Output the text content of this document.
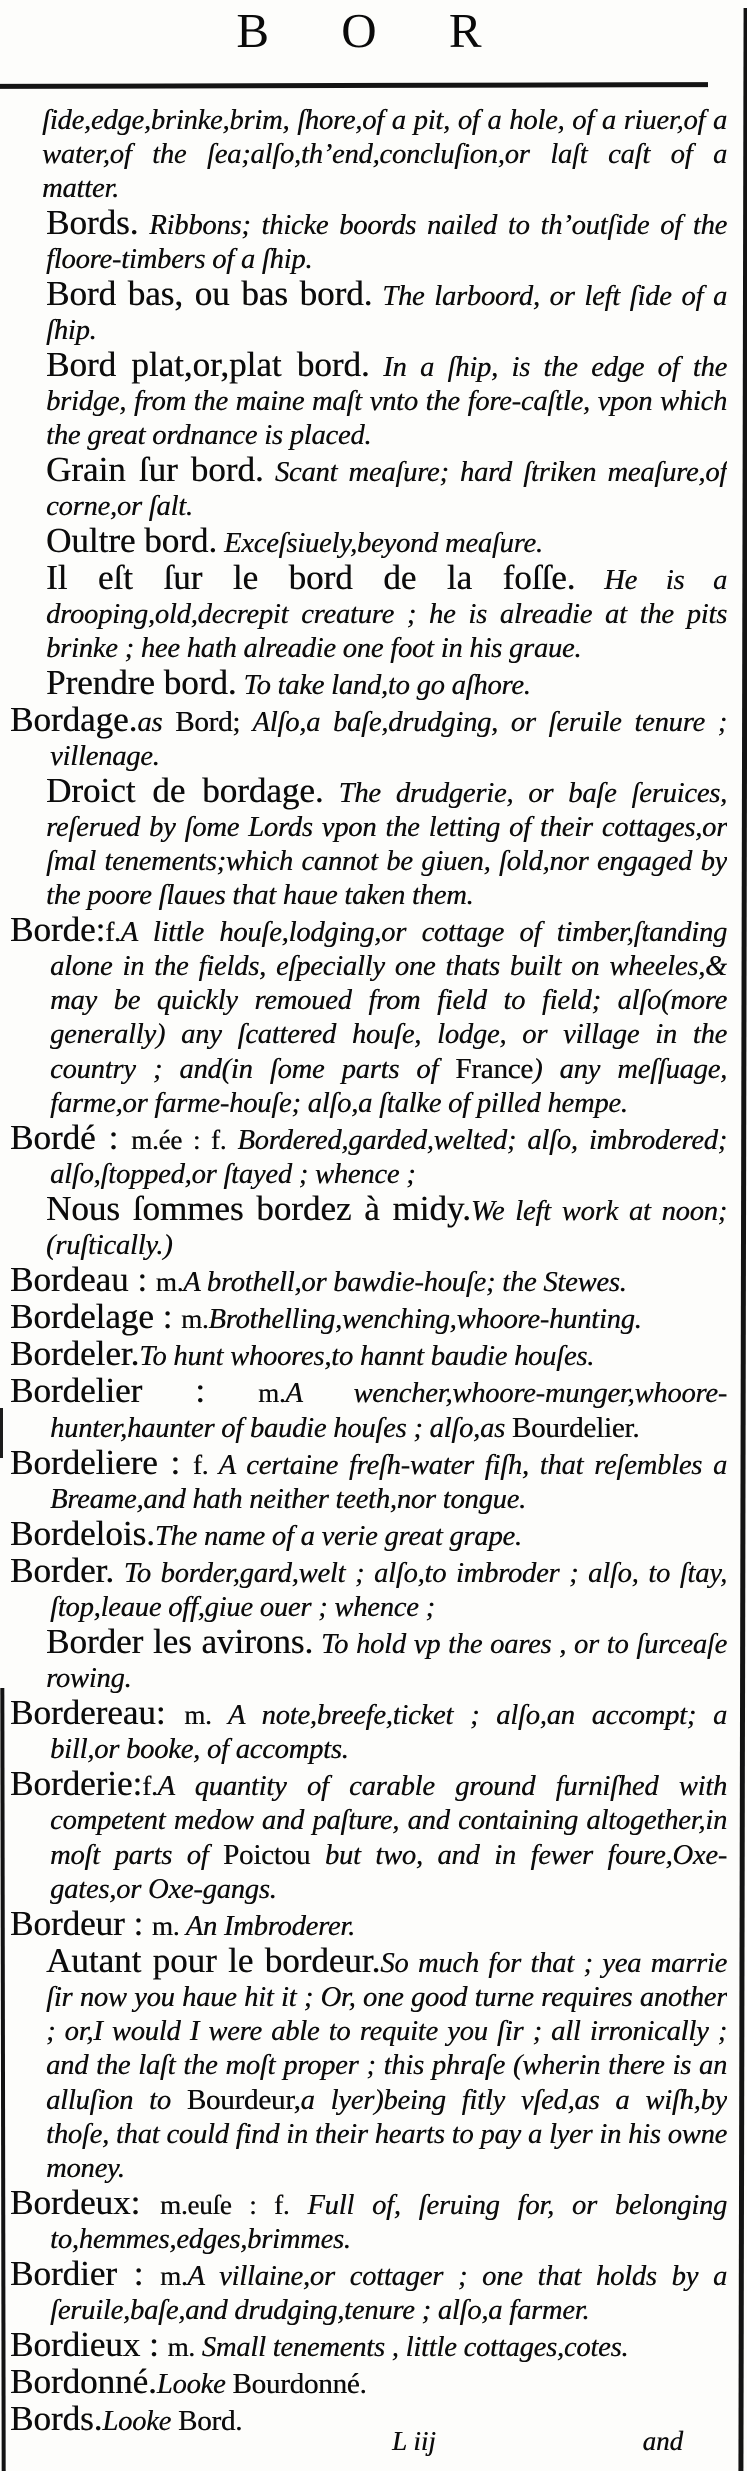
B O R

ſide,edge,brinke,brim, ſhore,of a pit, of a hole, of a riuer,of a water,of the ſea;alſo,th’end,concluſion,or laſt caſt of a matter.

Bords. Ribbons; thicke boords nailed to th’outſide of the floore-timbers of a ſhip.

Bord bas, ou bas bord. The larboord, or left ſide of a ſhip.

Bord plat,or,plat bord. In a ſhip, is the edge of the bridge, from the maine maſt vnto the fore-caſtle, vpon which the great ordnance is placed.

Grain ſur bord. Scant meaſure; hard ſtriken meaſure,of corne,or ſalt.

Oultre bord. Exceſsiuely,beyond meaſure.

Il eſt ſur le bord de la foſſe. He is a drooping,old,decrepit creature ; he is alreadie at the pits brinke ; hee hath alreadie one foot in his graue.

Prendre bord. To take land,to go aſhore.

Bordage.as Bord; Alſo,a baſe,drudging, or ſeruile tenure ; villenage.

Droict de bordage. The drudgerie, or baſe ſeruices, reſerued by ſome Lords vpon the letting of their cottages,or ſmal tenements;which cannot be giuen, ſold,nor engaged by the poore ſlaues that haue taken them.

Borde:f.A little houſe,lodging,or cottage of timber,ſtanding alone in the fields, eſpecially one thats built on wheeles,& may be quickly remoued from field to field; alſo(more generally) any ſcattered houſe, lodge, or village in the country ; and(in ſome parts of France) any meſſuage, farme,or farme-houſe; alſo,a ſtalke of pilled hempe.

Bordé : m.ée : f. Bordered,garded,welted; alſo, imbrodered; alſo,ſtopped,or ſtayed ; whence ;

Nous ſommes bordez à midy.We left work at noon; (ruſtically.)

Bordeau : m.A brothell,or bawdie-houſe; the Stewes.

Bordelage : m.Brothelling,wenching,whoore-hunting.

Bordeler.To hunt whoores,to hannt baudie houſes.

Bordelier : m.A wencher,whoore-munger,whoore-hunter,haunter of baudie houſes ; alſo,as Bourdelier.

Bordeliere : f. A certaine freſh-water fiſh, that reſembles a Breame,and hath neither teeth,nor tongue.

Bordelois.The name of a verie great grape.

Border. To border,gard,welt ; alſo,to imbroder ; alſo, to ſtay, ſtop,leaue off,giue ouer ; whence ;

Border les avirons. To hold vp the oares , or to ſurceaſe rowing.

Bordereau: m. A note,breefe,ticket ; alſo,an accompt; a bill,or booke, of accompts.

Borderie:f.A quantity of carable ground furniſhed with competent medow and paſture, and containing altogether,in moſt parts of Poictou but two, and in fewer foure,Oxe-gates,or Oxe-gangs.

Bordeur : m. An Imbroderer.

Autant pour le bordeur.So much for that ; yea marrie ſir now you haue hit it ; Or, one good turne requires another ; or,I would I were able to requite you ſir ; all irronically ; and the laſt the moſt proper ; this phraſe (wherin there is an alluſion to Bourdeur,a lyer)being fitly vſed,as a wiſh,by thoſe, that could find in their hearts to pay a lyer in his owne money.

Bordeux: m.euſe : f. Full of, ſeruing for, or belonging to,hemmes,edges,brimmes.

Bordier : m.A villaine,or cottager ; one that holds by a ſeruile,baſe,and drudging,tenure ; alſo,a farmer.

Bordieux : m. Small tenements , little cottages,cotes.

Bordonné.Looke Bourdonné.

Bords.Looke Bord.

L iij	and
